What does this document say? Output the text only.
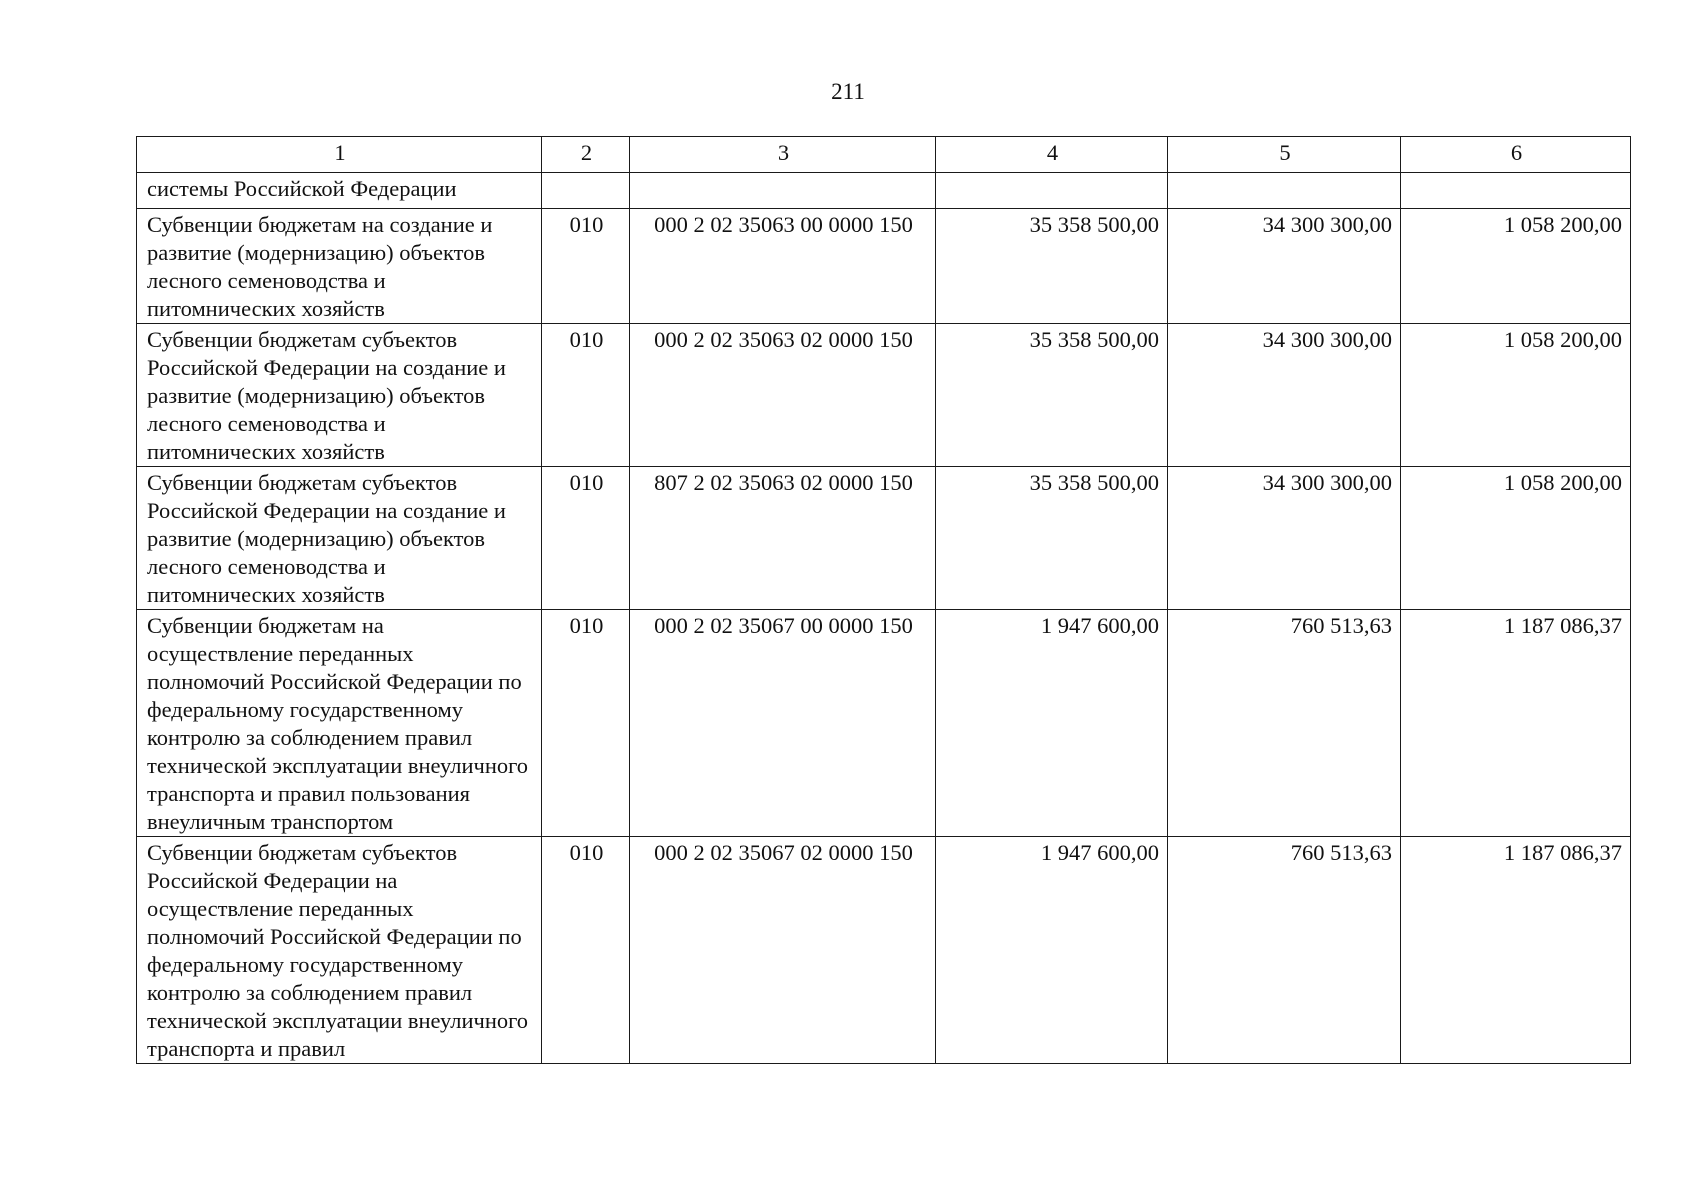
211
1	2	3	4	5	6
системы Российской Федерации					
Субвенции бюджетам на создание и развитие (модернизацию) объектов лесного семеноводства и питомнических хозяйств	010	000 2 02 35063 00 0000 150	35 358 500,00	34 300 300,00	1 058 200,00
Субвенции бюджетам субъектов Российской Федерации на создание и развитие (модернизацию) объектов лесного семеноводства и питомнических хозяйств	010	000 2 02 35063 02 0000 150	35 358 500,00	34 300 300,00	1 058 200,00
Субвенции бюджетам субъектов Российской Федерации на создание и развитие (модернизацию) объектов лесного семеноводства и питомнических хозяйств	010	807 2 02 35063 02 0000 150	35 358 500,00	34 300 300,00	1 058 200,00
Субвенции бюджетам на осуществление переданных полномочий Российской Федерации по федеральному государственному контролю за соблюдением правил технической эксплуатации внеуличного транспорта и правил пользования внеуличным транспортом	010	000 2 02 35067 00 0000 150	1 947 600,00	760 513,63	1 187 086,37
Субвенции бюджетам субъектов Российской Федерации на осуществление переданных полномочий Российской Федерации по федеральному государственному контролю за соблюдением правил технической эксплуатации внеуличного транспорта и правил	010	000 2 02 35067 02 0000 150	1 947 600,00	760 513,63	1 187 086,37
